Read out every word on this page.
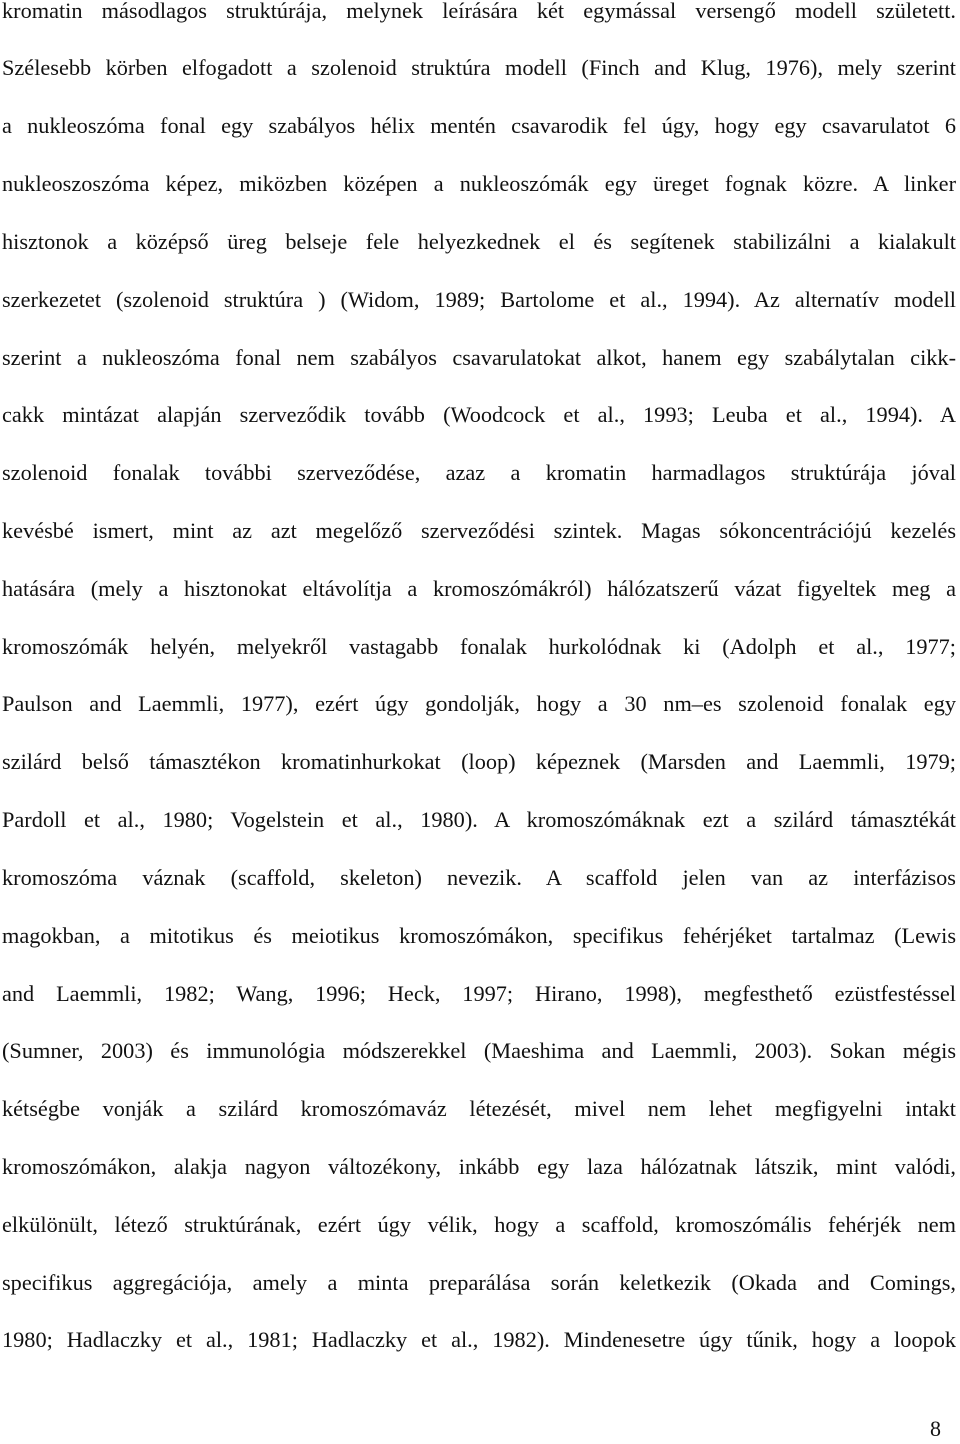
kromatin másodlagos struktúrája, melynek leírására két egymással versengő modell született.
Szélesebb körben elfogadott a szolenoid struktúra modell (Finch and Klug, 1976), mely szerint
a nukleoszóma fonal egy szabályos hélix mentén csavarodik fel úgy, hogy egy csavarulatot 6
nukleoszoszóma képez, miközben középen a nukleoszómák egy üreget fognak közre. A linker
hisztonok a középső üreg belseje fele helyezkednek el és segítenek stabilizálni a kialakult
szerkezetet (szolenoid struktúra ) (Widom, 1989; Bartolome et al., 1994). Az alternatív modell
szerint a nukleoszóma fonal nem szabályos csavarulatokat alkot, hanem egy szabálytalan cikk-
cakk mintázat alapján szerveződik tovább (Woodcock et al., 1993; Leuba et al., 1994). A
szolenoid fonalak további szerveződése, azaz a kromatin harmadlagos struktúrája jóval
kevésbé ismert, mint az azt megelőző szerveződési szintek. Magas sókoncentrációjú kezelés
hatására (mely a hisztonokat eltávolítja a kromoszómákról) hálózatszerű vázat figyeltek meg a
kromoszómák helyén, melyekről vastagabb fonalak hurkolódnak ki (Adolph et al., 1977;
Paulson and Laemmli, 1977), ezért úgy gondolják, hogy a 30 nm–es szolenoid fonalak egy
szilárd belső támasztékon kromatinhurkokat (loop) képeznek (Marsden and Laemmli, 1979;
Pardoll et al., 1980; Vogelstein et al., 1980). A kromoszómáknak ezt a szilárd támasztékát
kromoszóma váznak (scaffold, skeleton) nevezik. A scaffold jelen van az interfázisos
magokban, a mitotikus és meiotikus kromoszómákon, specifikus fehérjéket tartalmaz (Lewis
and Laemmli, 1982; Wang, 1996; Heck, 1997; Hirano, 1998), megfesthető ezüstfestéssel
(Sumner, 2003) és immunológia módszerekkel (Maeshima and Laemmli, 2003). Sokan mégis
kétségbe vonják a szilárd kromoszómaváz létezését, mivel nem lehet megfigyelni intakt
kromoszómákon, alakja nagyon változékony, inkább egy laza hálózatnak látszik, mint valódi,
elkülönült, létező struktúrának, ezért úgy vélik, hogy a scaffold, kromoszómális fehérjék nem
specifikus aggregációja, amely a minta preparálása során keletkezik (Okada and Comings,
1980; Hadlaczky et al., 1981; Hadlaczky et al., 1982). Mindenesetre úgy tűnik, hogy a loopok
8
